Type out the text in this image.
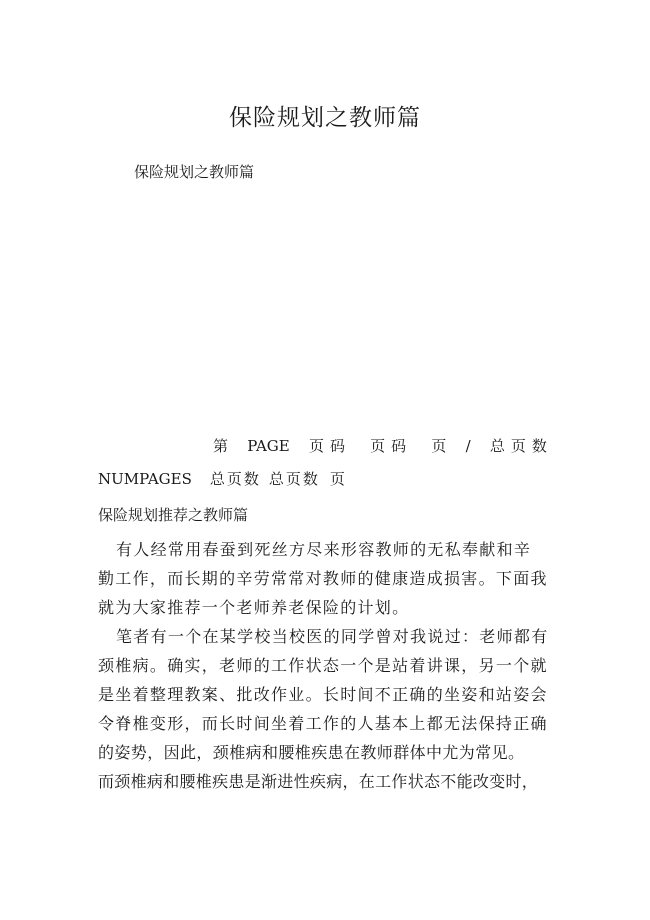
保险规划之教师篇
保险规划之教师篇
第 PAGE 页码 页码 页 / 总页数
NUMPAGES 总页数 总页数 页
保险规划推荐之教师篇

有人经常用春蚕到死丝方尽来形容教师的无私奉献和辛
勤工作，而长期的辛劳常常对教师的健康造成损害。下面我
就为大家推荐一个老师养老保险的计划。

笔者有一个在某学校当校医的同学曾对我说过：老师都有
颈椎病。确实，老师的工作状态一个是站着讲课，另一个就
是坐着整理教案、批改作业。长时间不正确的坐姿和站姿会
令脊椎变形，而长时间坐着工作的人基本上都无法保持正确
的姿势，因此，颈椎病和腰椎疾患在教师群体中尤为常见。
而颈椎病和腰椎疾患是渐进性疾病，在工作状态不能改变时，
